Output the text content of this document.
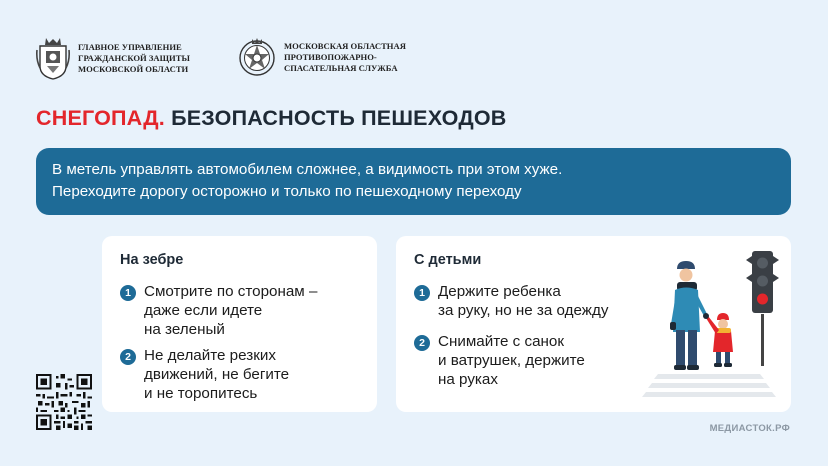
ГЛАВНОЕ УПРАВЛЕНИЕ
ГРАЖДАНСКОЙ ЗАЩИТЫ
МОСКОВСКОЙ ОБЛАСТИ
МОСКОВСКАЯ ОБЛАСТНАЯ
ПРОТИВОПОЖАРНО-
СПАСАТЕЛЬНАЯ СЛУЖБА
СНЕГОПАД. БЕЗОПАСНОСТЬ ПЕШЕХОДОВ

В метель управлять автомобилем сложнее, а видимость при этом хуже.

Переходите дорогу осторожно и только по пешеходному переходу

На зебре
1 Смотрите по сторонам –
даже если идете
на зеленый
2 Не делайте резких
движений, не бегите
и не торопитесь
С детьми
1 Держите ребенка
за руку, но не за одежду
2 Снимайте с санок
и ватрушек, держите
на руках
МЕДИАСТОК.РФ
